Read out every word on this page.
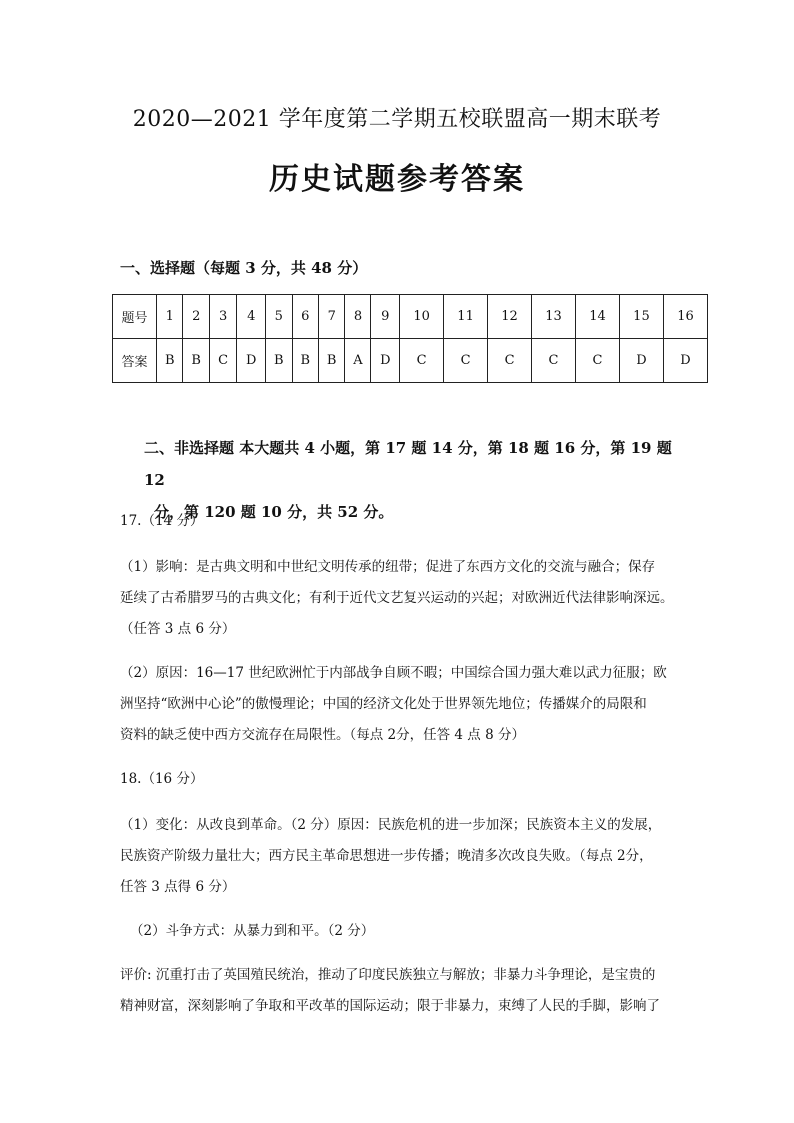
2020—2021 学年度第二学期五校联盟高一期末联考
历史试题参考答案
一、选择题（每题 3 分，共 48 分）
题号	1	2	3	4	5	6	7	8	9	10	11	12	13	14	15	16
答案	B	B	C	D	B	B	B	A	D	C	C	C	C	C	D	D
二、非选择题 本大题共 4 小题，第 17 题 14 分，第 18 题 16 分，第 19 题 12
分，第 120 题 10 分，共 52 分。

17.（14 分）

（1）影响：是古典文明和中世纪文明传承的纽带；促进了东西方文化的交流与融合；保存

延续了古希腊罗马的古典文化；有利于近代文艺复兴运动的兴起；对欧洲近代法律影响深远。

（任答 3 点 6 分）

（2）原因：16—17 世纪欧洲忙于内部战争自顾不暇；中国综合国力强大难以武力征服；欧

洲坚持“欧洲中心论”的傲慢理论；中国的经济文化处于世界领先地位；传播媒介的局限和

资料的缺乏使中西方交流存在局限性。（每点 2分，任答 4 点 8 分）

18.（16 分）

（1）变化：从改良到革命。（2 分）原因：民族危机的进一步加深；民族资本主义的发展，

民族资产阶级力量壮大；西方民主革命思想进一步传播；晚清多次改良失败。（每点 2分，

任答 3 点得 6 分）

（2）斗争方式：从暴力到和平。（2 分）

评价: 沉重打击了英国殖民统治，推动了印度民族独立与解放；非暴力斗争理论，是宝贵的

精神财富，深刻影响了争取和平改革的国际运动；限于非暴力，束缚了人民的手脚，影响了
